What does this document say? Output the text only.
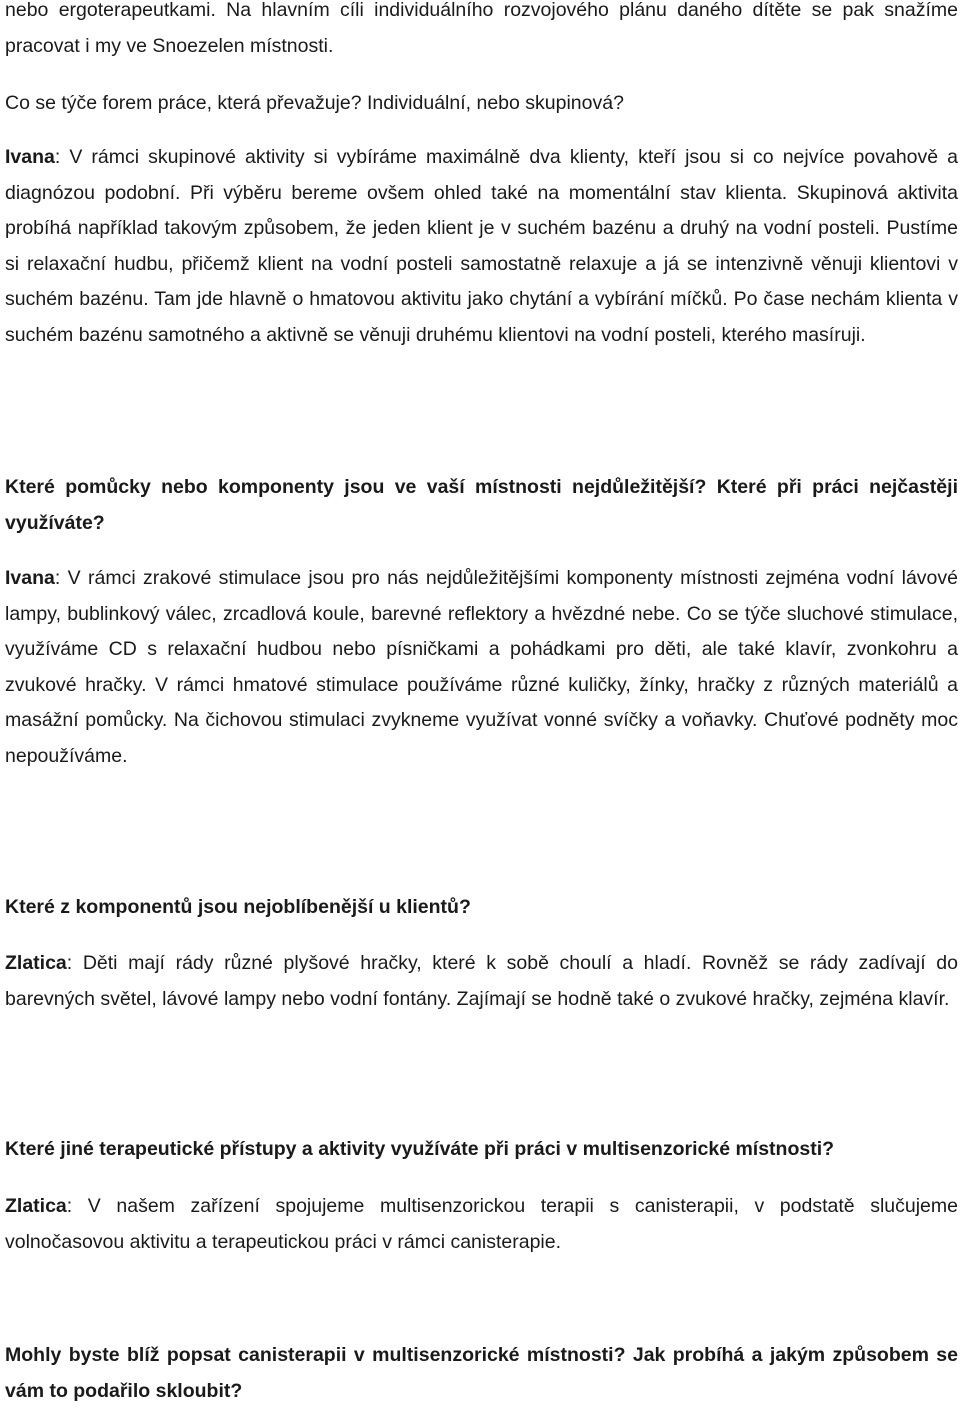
nebo ergoterapeutkami. Na hlavním cíli individuálního rozvojového plánu daného dítěte se pak snažíme pracovat i my ve Snoezelen místnosti.

Co se týče forem práce, která převažuje? Individuální, nebo skupinová?

Ivana: V rámci skupinové aktivity si vybíráme maximálně dva klienty, kteří jsou si co nejvíce povahově a diagnózou podobní. Při výběru bereme ovšem ohled také na momentální stav klienta. Skupinová aktivita probíhá například takovým způsobem, že jeden klient je v suchém bazénu a druhý na vodní posteli. Pustíme si relaxační hudbu, přičemž klient na vodní posteli samostatně relaxuje a já se intenzivně věnuji klientovi v suchém bazénu. Tam jde hlavně o hmatovou aktivitu jako chytání a vybírání míčků. Po čase nechám klienta v suchém bazénu samotného a aktivně se věnuji druhému klientovi na vodní posteli, kterého masíruji.

Které pomůcky nebo komponenty jsou ve vaší místnosti nejdůležitější? Které při práci nejčastěji využíváte?

Ivana: V rámci zrakové stimulace jsou pro nás nejdůležitějšími komponenty místnosti zejména vodní lávové lampy, bublinkový válec, zrcadlová koule, barevné reflektory a hvězdné nebe. Co se týče sluchové stimulace, využíváme CD s relaxační hudbou nebo písničkami a pohádkami pro děti, ale také klavír, zvonkohru a zvukové hračky. V rámci hmatové stimulace používáme různé kuličky, žínky, hračky z různých materiálů a masážní pomůcky. Na čichovou stimulaci zvykneme využívat vonné svíčky a voňavky. Chuťové podněty moc nepoužíváme.

Které z komponentů jsou nejoblíbenější u klientů?

Zlatica: Děti mají rády různé plyšové hračky, které k sobě choulí a hladí. Rovněž se rády zadívají do barevných světel, lávové lampy nebo vodní fontány. Zajímají se hodně také o zvukové hračky, zejména klavír.

Které jiné terapeutické přístupy a aktivity využíváte při práci v multisenzorické místnosti?

Zlatica: V našem zařízení spojujeme multisenzorickou terapii s canisterapii, v podstatě slučujeme volnočasovou aktivitu a terapeutickou práci v rámci canisterapie.

Mohly byste blíž popsat canisterapii v multisenzorické místnosti? Jak probíhá a jakým způsobem se vám to podařilo skloubit?
